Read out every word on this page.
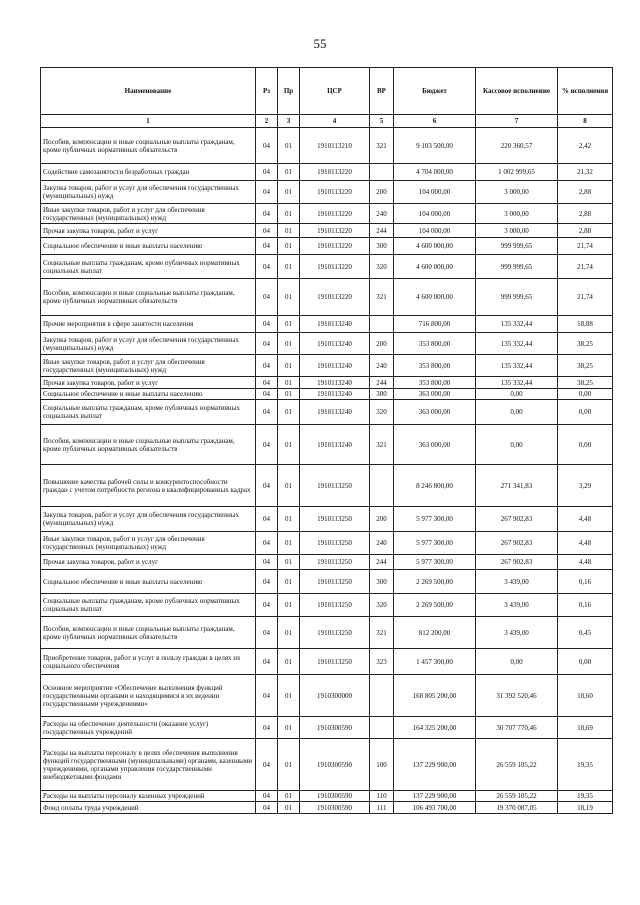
55
Наименование	Рз	Пр	ЦСР	ВР	Бюджет	Кассовое исполнение	% исполнения
1	2	3	4	5	6	7	8
Пособия, компенсации и иные социальные выплаты гражданам, кроме публичных нормативных обязательств	04	01	1910113210	321	9 103 500,00	220 360,57	2,42
Содействие самозанятости безработных граждан	04	01	1910113220		4 704 000,00	1 002 999,65	21,32
Закупка товаров, работ и услуг для обеспечения государственных (муниципальных) нужд	04	01	1910113220	200	104 000,00	3 000,00	2,88
Иные закупки товаров, работ и услуг для обеспечения государственных (муниципальных) нужд	04	01	1910113220	240	104 000,00	3 000,00	2,88
Прочая закупка товаров, работ и услуг	04	01	1910113220	244	104 000,00	3 000,00	2,88
Социальное обеспечение и иные выплаты населению	04	01	1910113220	300	4 600 000,00	999 999,65	21,74
Социальные выплаты гражданам, кроме публичных нормативных социальных выплат	04	01	1910113220	320	4 600 000,00	999 999,65	21,74
Пособия, компенсации и иные социальные выплаты гражданам, кроме публичных нормативных обязательств	04	01	1910113220	321	4 600 000,00	999 999,65	21,74
Прочие мероприятия в сфере занятости населения	04	01	1910113240		716 800,00	135 332,44	18,88
Закупка товаров, работ и услуг для обеспечения государственных (муниципальных) нужд	04	01	1910113240	200	353 800,00	135 332,44	38,25
Иные закупки товаров, работ и услуг для обеспечения государственных (муниципальных) нужд	04	01	1910113240	240	353 800,00	135 332,44	38,25
Прочая закупка товаров, работ и услуг	04	01	1910113240	244	353 800,00	135 332,44	38,25
Социальное обеспечение и иные выплаты населению	04	01	1910113240	300	363 000,00	0,00	0,00
Социальные выплаты гражданам, кроме публичных нормативных социальных выплат	04	01	1910113240	320	363 000,00	0,00	0,00
Пособия, компенсации и иные социальные выплаты гражданам, кроме публичных нормативных обязательств	04	01	1910113240	321	363 000,00	0,00	0,00
Повышение качества рабочей силы и конкурентоспособности граждан с учетом потребности региона в квалифицированных кадрах	04	01	1910113250		8 246 800,00	271 341,83	3,29
Закупка товаров, работ и услуг для обеспечения государственных (муниципальных) нужд	04	01	1910113250	200	5 977 300,00	267 902,83	4,48
Иные закупки товаров, работ и услуг для обеспечения государственных (муниципальных) нужд	04	01	1910113250	240	5 977 300,00	267 902,83	4,48
Прочая закупка товаров, работ и услуг	04	01	1910113250	244	5 977 300,00	267 902,83	4,48
Социальное обеспечение и иные выплаты населению	04	01	1910113250	300	2 269 500,00	3 439,00	0,16
Социальные выплаты гражданам, кроме публичных нормативных социальных выплат	04	01	1910113250	320	2 269 500,00	3 439,00	0,16
Пособия, компенсации и иные социальные выплаты гражданам, кроме публичных нормативных обязательств	04	01	1910113250	321	812 200,00	3 439,00	0,45
Приобретение товаров, работ и услуг в пользу граждан в целях их социального обеспечения	04	01	1910113250	323	1 457 300,00	0,00	0,00
Основное мероприятие «Обеспечение выполнения функций государственными органами и находящимися в их ведении государственными учреждениями»	04	01	1910300000		168 805 200,00	31 392 520,46	18,60
Расходы на обеспечение деятельности (оказание услуг) государственных учреждений	04	01	1910300590		164 325 200,00	30 707 770,46	18,69
Расходы на выплаты персоналу в целях обеспечения выполнения функций государственными (муниципальными) органами, казенными учреждениями, органами управления государственными внебюджетными фондами	04	01	1910300590	100	137 229 900,00	26 559 105,22	19,35
Расходы на выплаты персоналу казенных учреждений	04	01	1910300590	110	137 229 900,00	26 559 105,22	19,35
Фонд оплаты труда учреждений	04	01	1910300590	111	106 493 700,00	19 370 087,05	18,19
